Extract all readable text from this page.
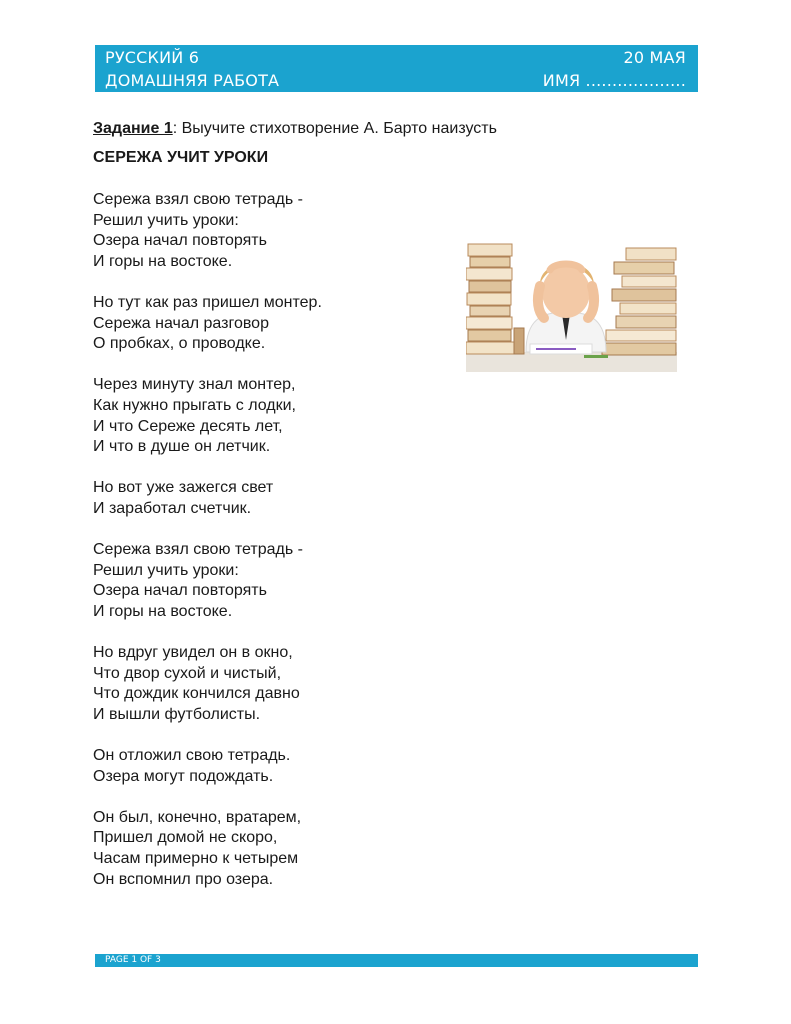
РУССКИЙ 6	20 МАЯ
ДОМАШНЯЯ РАБОТА	ИМЯ ...................
Задание 1: Выучите стихотворение А. Барто наизусть
СЕРЕЖА УЧИТ УРОКИ
Сережа взял свою тетрадь -
Решил учить уроки:
Озера начал повторять
И горы на востоке.
Но тут как раз пришел монтер.
Сережа начал разговор
О пробках, о проводке.
Через минуту знал монтер,
Как нужно прыгать с лодки,
И что Сереже десять лет,
И что в душе он летчик.
Но вот уже зажегся свет
И заработал счетчик.
Сережа взял свою тетрадь -
Решил учить уроки:
Озера начал повторять
И горы на востоке.
Но вдруг увидел он в окно,
Что двор сухой и чистый,
Что дождик кончился давно
И вышли футболисты.
Он отложил свою тетрадь.
Озера могут подождать.
Он был, конечно, вратарем,
Пришел домой не скоро,
Часам примерно к четырем
Он вспомнил про озера.
PAGE 1 OF 3
